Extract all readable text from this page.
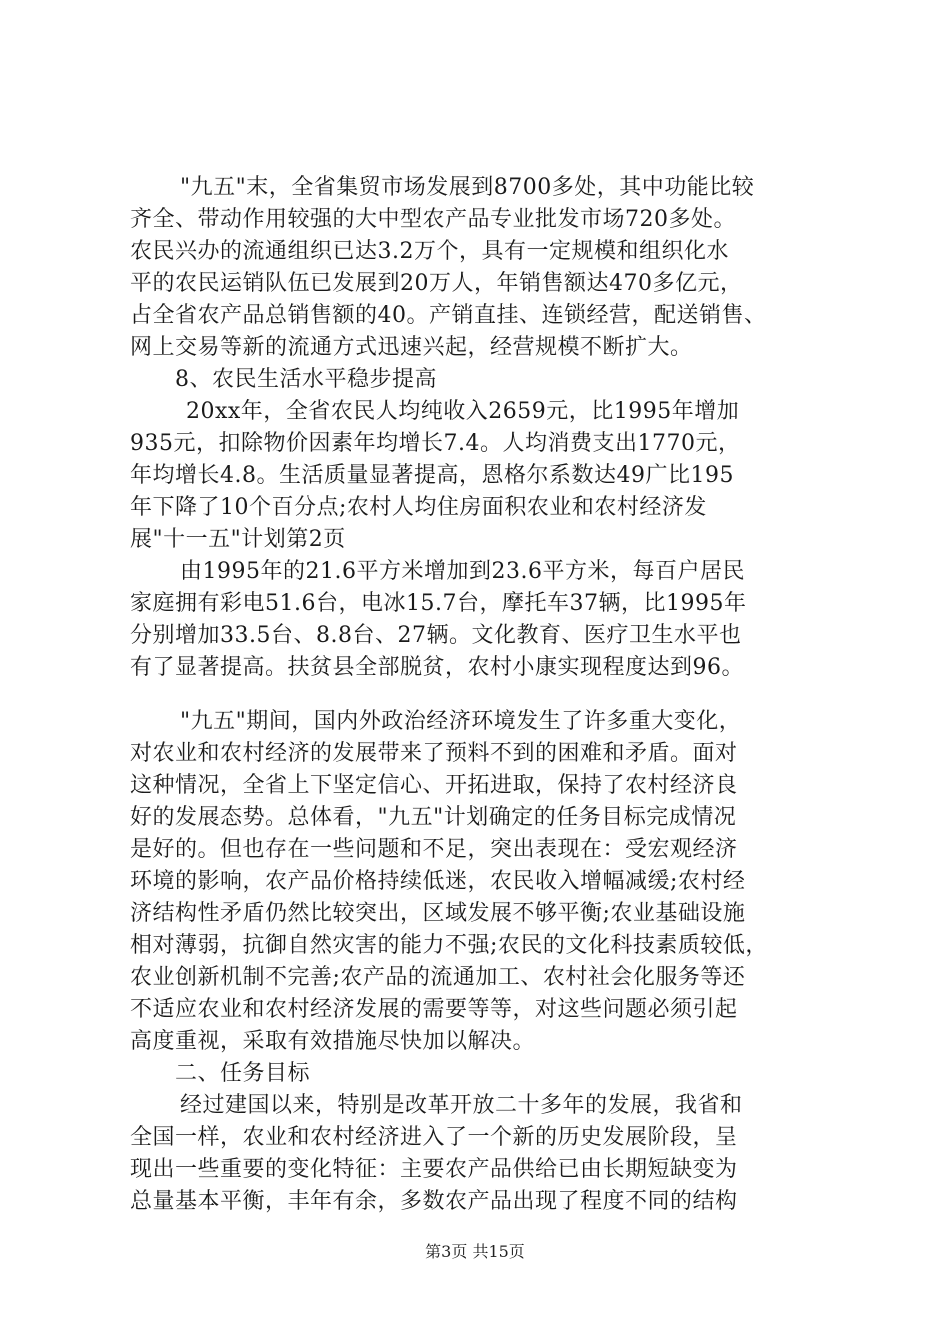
"九五"末，全省集贸市场发展到8700多处，其中功能比较
齐全、带动作用较强的大中型农产品专业批发市场720多处。
农民兴办的流通组织已达3.2万个，具有一定规模和组织化水
平的农民运销队伍已发展到20万人，年销售额达470多亿元，
占全省农产品总销售额的40。产销直挂、连锁经营，配送销售、
网上交易等新的流通方式迅速兴起，经营规模不断扩大。
8、农民生活水平稳步提高
20xx年，全省农民人均纯收入2659元，比1995年增加
935元，扣除物价因素年均增长7.4。人均消费支出1770元，
年均增长4.8。生活质量显著提高，恩格尔系数达49广比195
年下降了10个百分点;农村人均住房面积农业和农村经济发
展"十一五"计划第2页
由1995年的21.6平方米增加到23.6平方米，每百户居民
家庭拥有彩电51.6台，电冰15.7台，摩托车37辆，比1995年
分别增加33.5台、8.8台、27辆。文化教育、医疗卫生水平也
有了显著提高。扶贫县全部脱贫，农村小康实现程度达到96。
"九五"期间，国内外政治经济环境发生了许多重大变化，
对农业和农村经济的发展带来了预料不到的困难和矛盾。面对
这种情况，全省上下坚定信心、开拓进取，保持了农村经济良
好的发展态势。总体看，"九五"计划确定的任务目标完成情况
是好的。但也存在一些问题和不足，突出表现在：受宏观经济
环境的影响，农产品价格持续低迷，农民收入增幅减缓;农村经
济结构性矛盾仍然比较突出，区域发展不够平衡;农业基础设施
相对薄弱，抗御自然灾害的能力不强;农民的文化科技素质较低，
农业创新机制不完善;农产品的流通加工、农村社会化服务等还
不适应农业和农村经济发展的需要等等，对这些问题必须引起
高度重视，采取有效措施尽快加以解决。
二、任务目标
经过建国以来，特别是改革开放二十多年的发展，我省和
全国一样，农业和农村经济进入了一个新的历史发展阶段，呈
现出一些重要的变化特征：主要农产品供给已由长期短缺变为
总量基本平衡，丰年有余，多数农产品出现了程度不同的结构
第3页 共15页
